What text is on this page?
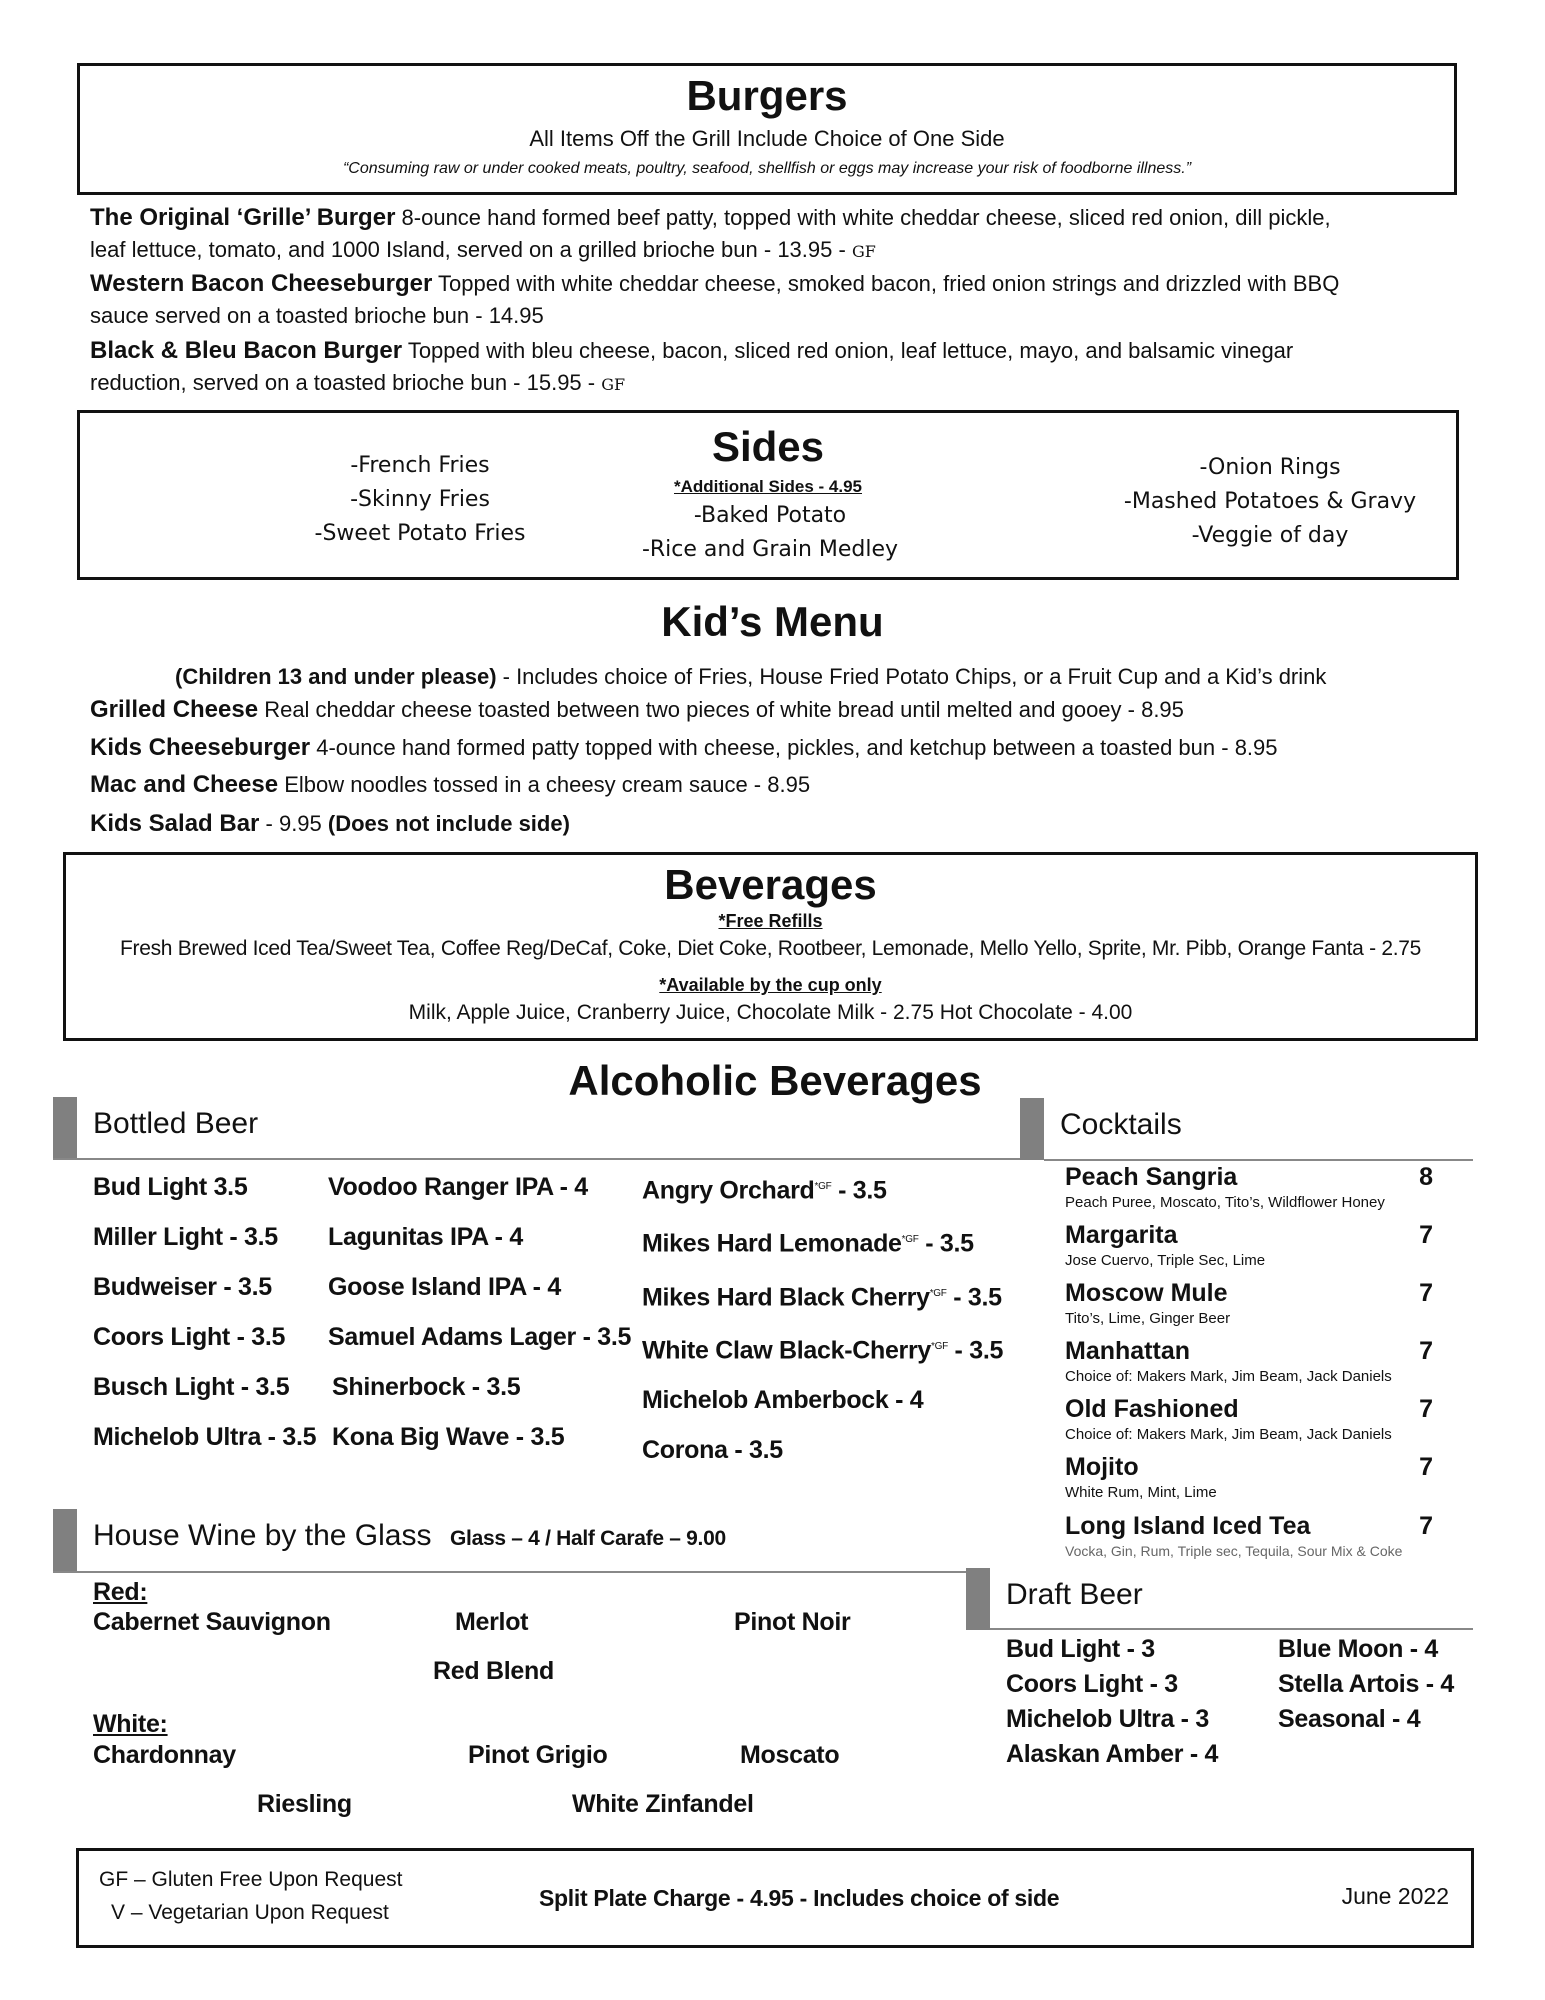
Burgers
All Items Off the Grill Include Choice of One Side
“Consuming raw or under cooked meats, poultry, seafood, shellfish or eggs may increase your risk of foodborne illness.”
The Original ‘Grille’ Burger 8-ounce hand formed beef patty, topped with white cheddar cheese, sliced red onion, dill pickle,
leaf lettuce, tomato, and 1000 Island, served on a grilled brioche bun - 13.95 - GF
Western Bacon Cheeseburger Topped with white cheddar cheese, smoked bacon, fried onion strings and drizzled with BBQ
sauce served on a toasted brioche bun - 14.95
Black & Bleu Bacon Burger Topped with bleu cheese, bacon, sliced red onion, leaf lettuce, mayo, and balsamic vinegar
reduction, served on a toasted brioche bun - 15.95 - GF
Sides
*Additional Sides - 4.95
-French Fries
-Skinny Fries
-Sweet Potato Fries
-Baked Potato
-Rice and Grain Medley
-Onion Rings
-Mashed Potatoes & Gravy
-Veggie of day
Kid’s Menu
(Children 13 and under please) - Includes choice of Fries, House Fried Potato Chips, or a Fruit Cup and a Kid’s drink
Grilled Cheese Real cheddar cheese toasted between two pieces of white bread until melted and gooey - 8.95
Kids Cheeseburger 4-ounce hand formed patty topped with cheese, pickles, and ketchup between a toasted bun - 8.95
Mac and Cheese Elbow noodles tossed in a cheesy cream sauce - 8.95
Kids Salad Bar - 9.95 (Does not include side)
Beverages
*Free Refills
Fresh Brewed Iced Tea/Sweet Tea, Coffee Reg/DeCaf, Coke, Diet Coke, Rootbeer, Lemonade, Mello Yello, Sprite, Mr. Pibb, Orange Fanta - 2.75
*Available by the cup only
Milk, Apple Juice, Cranberry Juice, Chocolate Milk - 2.75 Hot Chocolate - 4.00
Alcoholic Beverages
Bottled Beer
Bud Light 3.5
Miller Light - 3.5
Budweiser - 3.5
Coors Light - 3.5
Busch Light - 3.5
Michelob Ultra - 3.5
Voodoo Ranger IPA - 4
Lagunitas IPA - 4
Goose Island IPA - 4
Samuel Adams Lager - 3.5
Shinerbock - 3.5
Kona Big Wave - 3.5
Angry Orchard$^{*GF}$ - 3.5
Mikes Hard Lemonade$^{*GF}$ - 3.5
Mikes Hard Black Cherry$^{*GF}$ - 3.5
White Claw Black-Cherry$^{*GF}$ - 3.5
Michelob Amberbock - 4
Corona - 3.5
Cocktails
Peach Sangria	8
Peach Puree, Moscato, Tito’s, Wildflower Honey
Margarita	7
Jose Cuervo, Triple Sec, Lime
Moscow Mule	7
Tito’s, Lime, Ginger Beer
Manhattan	7
Choice of: Makers Mark, Jim Beam, Jack Daniels
Old Fashioned	7
Choice of: Makers Mark, Jim Beam, Jack Daniels
Mojito	7
White Rum, Mint, Lime
Long Island Iced Tea	7
Vocka, Gin, Rum, Triple sec, Tequila, Sour Mix & Coke
House Wine by the Glass Glass – 4 / Half Carafe – 9.00
Red:
Cabernet Sauvignon	Merlot	Pinot Noir
Red Blend
White:
Chardonnay	Pinot Grigio	Moscato
Riesling	White Zinfandel
Draft Beer
Bud Light - 3
Coors Light - 3
Michelob Ultra - 3
Alaskan Amber - 4
Blue Moon - 4
Stella Artois - 4
Seasonal - 4
GF – Gluten Free Upon Request
V – Vegetarian Upon Request
Split Plate Charge - 4.95 - Includes choice of side	June 2022
